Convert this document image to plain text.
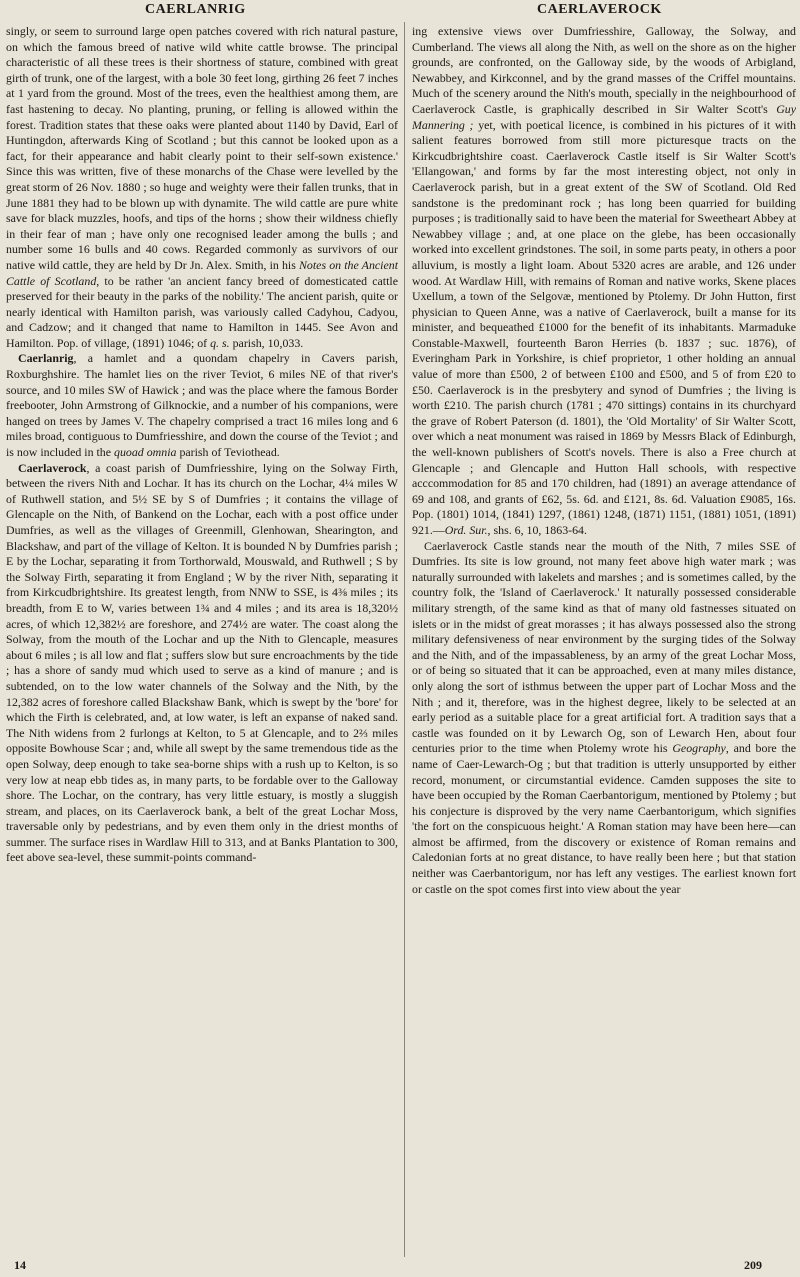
CAERLANRIG	CAERLAVEROCK

singly, or seem to surround large open patches covered with rich natural pasture, on which the famous breed of native wild white cattle browse. The principal characteristic of all these trees is their shortness of stature, combined with great girth of trunk, one of the largest, with a bole 30 feet long, girthing 26 feet 7 inches at 1 yard from the ground. Most of the trees, even the healthiest among them, are fast hastening to decay. No planting, pruning, or felling is allowed within the forest. Tradition states that these oaks were planted about 1140 by David, Earl of Huntingdon, afterwards King of Scotland ; but this cannot be looked upon as a fact, for their appearance and habit clearly point to their self-sown existence.' Since this was written, five of these monarchs of the Chase were levelled by the great storm of 26 Nov. 1880 ; so huge and weighty were their fallen trunks, that in June 1881 they had to be blown up with dynamite. The wild cattle are pure white save for black muzzles, hoofs, and tips of the horns ; show their wildness chiefly in their fear of man ; have only one recognised leader among the bulls ; and number some 16 bulls and 40 cows. Regarded commonly as survivors of our native wild cattle, they are held by Dr Jn. Alex. Smith, in his Notes on the Ancient Cattle of Scotland, to be rather 'an ancient fancy breed of domesticated cattle preserved for their beauty in the parks of the nobility.' The ancient parish, quite or nearly identical with Hamilton parish, was variously called Cadyhou, Cadyou, and Cadzow; and it changed that name to Hamilton in 1445. See Avon and Hamilton. Pop. of village, (1891) 1046; of q. s. parish, 10,033.

Caerlanrig, a hamlet and a quondam chapelry in Cavers parish, Roxburghshire. The hamlet lies on the river Teviot, 6 miles NE of that river's source, and 10 miles SW of Hawick ; and was the place where the famous Border freebooter, John Armstrong of Gilknockie, and a number of his companions, were hanged on trees by James V. The chapelry comprised a tract 16 miles long and 6 miles broad, contiguous to Dumfriesshire, and down the course of the Teviot ; and is now included in the quoad omnia parish of Teviothead.

Caerlaverock, a coast parish of Dumfriesshire, lying on the Solway Firth, between the rivers Nith and Lochar. It has its church on the Lochar, 4¼ miles W of Ruthwell station, and 5½ SE by S of Dumfries ; it contains the village of Glencaple on the Nith, of Bankend on the Lochar, each with a post office under Dumfries, as well as the villages of Greenmill, Glenhowan, Shearington, and Blackshaw, and part of the village of Kelton. It is bounded N by Dumfries parish ; E by the Lochar, separating it from Torthorwald, Mouswald, and Ruthwell ; S by the Solway Firth, separating it from England ; W by the river Nith, separating it from Kirkcudbrightshire. Its greatest length, from NNW to SSE, is 4⅜ miles ; its breadth, from E to W, varies between 1¾ and 4 miles ; and its area is 18,320½ acres, of which 12,382½ are foreshore, and 274½ are water. The coast along the Solway, from the mouth of the Lochar and up the Nith to Glencaple, measures about 6 miles ; is all low and flat ; suffers slow but sure encroachments by the tide ; has a shore of sandy mud which used to serve as a kind of manure ; and is subtended, on to the low water channels of the Solway and the Nith, by the 12,382 acres of foreshore called Blackshaw Bank, which is swept by the 'bore' for which the Firth is celebrated, and, at low water, is left an expanse of naked sand. The Nith widens from 2 furlongs at Kelton, to 5 at Glencaple, and to 2⅔ miles opposite Bowhouse Scar ; and, while all swept by the same tremendous tide as the open Solway, deep enough to take sea-borne ships with a rush up to Kelton, is so very low at neap ebb tides as, in many parts, to be fordable over to the Galloway shore. The Lochar, on the contrary, has very little estuary, is mostly a sluggish stream, and places, on its Caerlaverock bank, a belt of the great Lochar Moss, traversable only by pedestrians, and by even them only in the driest months of summer. The surface rises in Wardlaw Hill to 313, and at Banks Plantation to 300, feet above sea-level, these summit-points command-

ing extensive views over Dumfriesshire, Galloway, the Solway, and Cumberland. The views all along the Nith, as well on the shore as on the higher grounds, are confronted, on the Galloway side, by the woods of Arbigland, Newabbey, and Kirkconnel, and by the grand masses of the Criffel mountains. Much of the scenery around the Nith's mouth, specially in the neighbourhood of Caerlaverock Castle, is graphically described in Sir Walter Scott's Guy Mannering ; yet, with poetical licence, is combined in his pictures of it with salient features borrowed from still more picturesque tracts on the Kirkcudbrightshire coast. Caerlaverock Castle itself is Sir Walter Scott's 'Ellangowan,' and forms by far the most interesting object, not only in Caerlaverock parish, but in a great extent of the SW of Scotland. Old Red sandstone is the predominant rock ; has long been quarried for building purposes ; is traditionally said to have been the material for Sweetheart Abbey at Newabbey village ; and, at one place on the glebe, has been occasionally worked into excellent grindstones. The soil, in some parts peaty, in others a poor alluvium, is mostly a light loam. About 5320 acres are arable, and 126 under wood. At Wardlaw Hill, with remains of Roman and native works, Skene places Uxellum, a town of the Selgovæ, mentioned by Ptolemy. Dr John Hutton, first physician to Queen Anne, was a native of Caerlaverock, built a manse for its minister, and bequeathed £1000 for the benefit of its inhabitants. Marmaduke Constable-Maxwell, fourteenth Baron Herries (b. 1837 ; suc. 1876), of Everingham Park in Yorkshire, is chief proprietor, 1 other holding an annual value of more than £500, 2 of between £100 and £500, and 5 of from £20 to £50. Caerlaverock is in the presbytery and synod of Dumfries ; the living is worth £210. The parish church (1781 ; 470 sittings) contains in its churchyard the grave of Robert Paterson (d. 1801), the 'Old Mortality' of Sir Walter Scott, over which a neat monument was raised in 1869 by Messrs Black of Edinburgh, the well-known publishers of Scott's novels. There is also a Free church at Glencaple ; and Glencaple and Hutton Hall schools, with respective acccommodation for 85 and 170 children, had (1891) an average attendance of 69 and 108, and grants of £62, 5s. 6d. and £121, 8s. 6d. Valuation £9085, 16s. Pop. (1801) 1014, (1841) 1297, (1861) 1248, (1871) 1151, (1881) 1051, (1891) 921.—Ord. Sur., shs. 6, 10, 1863-64.

Caerlaverock Castle stands near the mouth of the Nith, 7 miles SSE of Dumfries. Its site is low ground, not many feet above high water mark ; was naturally surrounded with lakelets and marshes ; and is sometimes called, by the country folk, the 'Island of Caerlaverock.' It naturally possessed considerable military strength, of the same kind as that of many old fastnesses situated on islets or in the midst of great morasses ; it has always possessed also the strong military defensiveness of near environment by the surging tides of the Solway and the Nith, and of the impassableness, by an army of the great Lochar Moss, or of being so situated that it can be approached, even at many miles distance, only along the sort of isthmus between the upper part of Lochar Moss and the Nith ; and it, therefore, was in the highest degree, likely to be selected at an early period as a suitable place for a great artificial fort. A tradition says that a castle was founded on it by Lewarch Og, son of Lewarch Hen, about four centuries prior to the time when Ptolemy wrote his Geography, and bore the name of Caer-Lewarch-Og ; but that tradition is utterly unsupported by either record, monument, or circumstantial evidence. Camden supposes the site to have been occupied by the Roman Caerbantorigum, mentioned by Ptolemy ; but his conjecture is disproved by the very name Caerbantorigum, which signifies 'the fort on the conspicuous height.' A Roman station may have been here—can almost be affirmed, from the discovery or existence of Roman remains and Caledonian forts at no great distance, to have really been here ; but that station neither was Caerbantorigum, nor has left any vestiges. The earliest known fort or castle on the spot comes first into view about the year

14	209
